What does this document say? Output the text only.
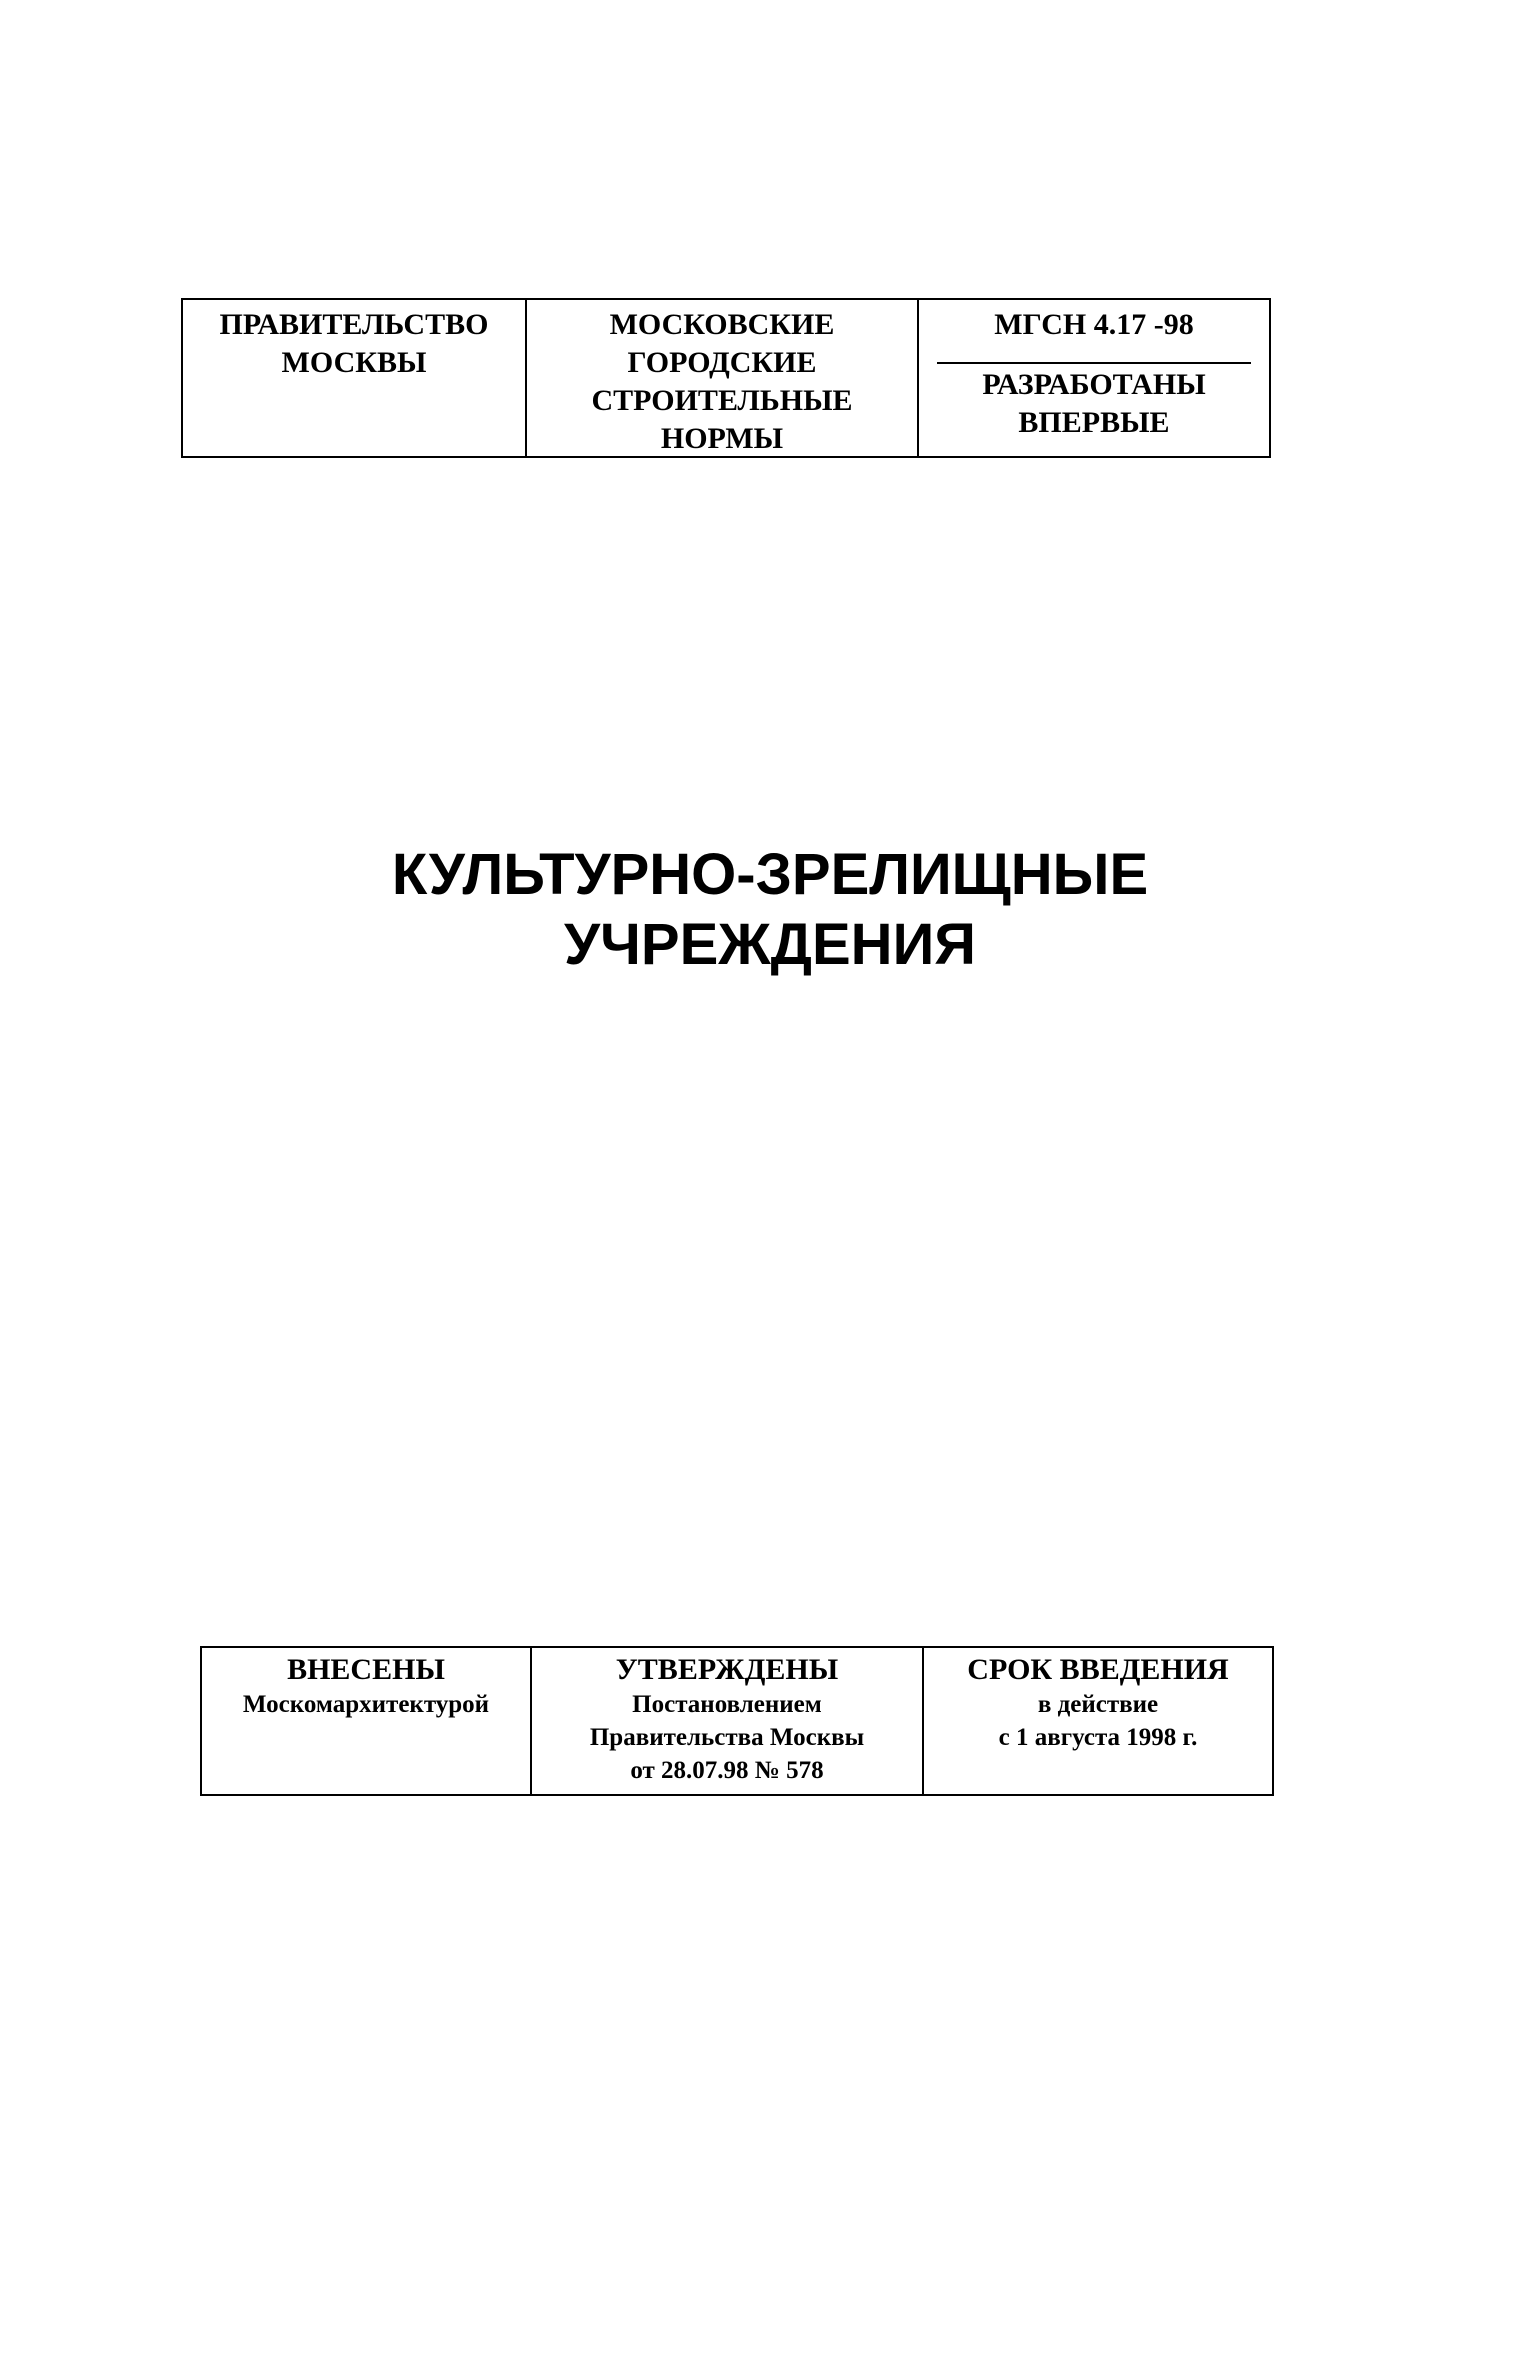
ПРАВИТЕЛЬСТВО
МОСКВЫ
МОСКОВСКИЕ
ГОРОДСКИЕ
СТРОИТЕЛЬНЫЕ
НОРМЫ
МГСН 4.17 -98
РАЗРАБОТАНЫ
ВПЕРВЫЕ
КУЛЬТУРНО-ЗРЕЛИЩНЫЕ
УЧРЕЖДЕНИЯ
ВНЕСЕНЫ
Москомархитектурой
УТВЕРЖДЕНЫ
Постановлением
Правительства Москвы
от 28.07.98 № 578
СРОК ВВЕДЕНИЯ
в действие
с 1 августа 1998 г.
